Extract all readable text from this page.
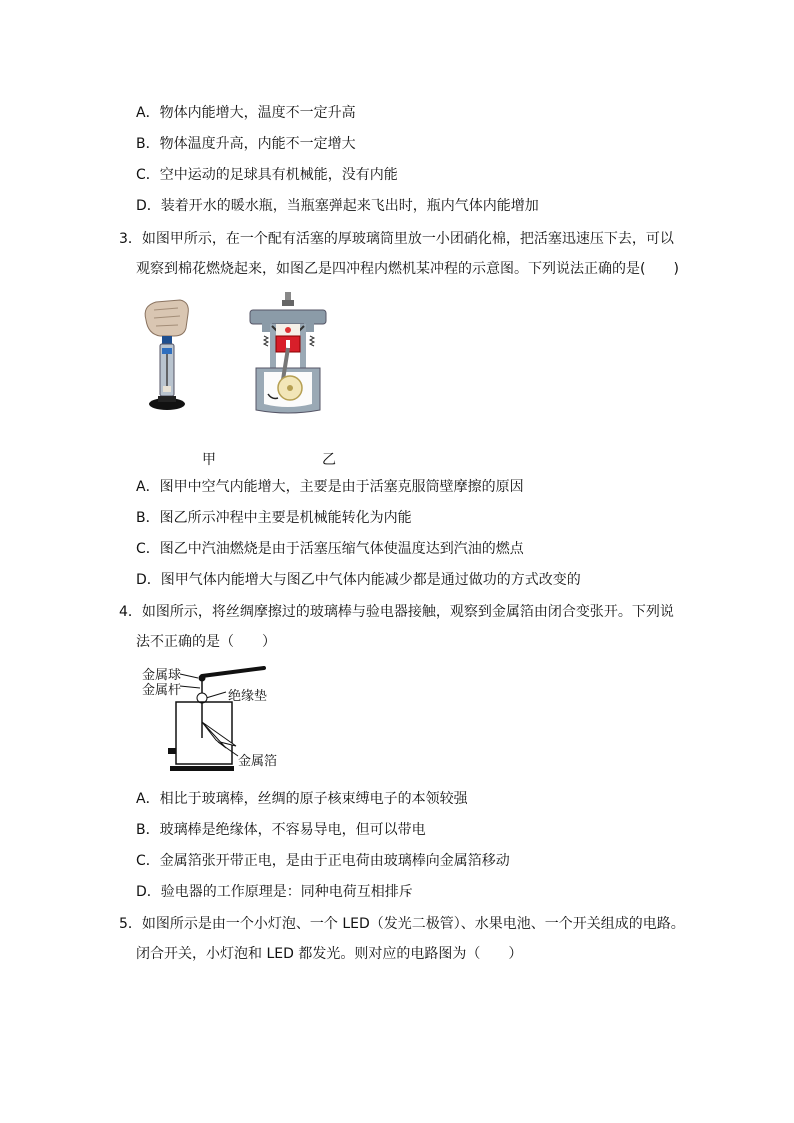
A．物体内能增大，温度不一定升高
B．物体温度升高，内能不一定增大
C．空中运动的足球具有机械能，没有内能
D．装着开水的暖水瓶，当瓶塞弹起来飞出时，瓶内气体内能增加
3．如图甲所示，在一个配有活塞的厚玻璃筒里放一小团硝化棉，把活塞迅速压下去，可以
观察到棉花燃烧起来，如图乙是四冲程内燃机某冲程的示意图。下列说法正确的是(　　)
甲	乙
A．图甲中空气内能增大，主要是由于活塞克服筒壁摩擦的原因
B．图乙所示冲程中主要是机械能转化为内能
C．图乙中汽油燃烧是由于活塞压缩气体使温度达到汽油的燃点
D．图甲气体内能增大与图乙中气体内能减少都是通过做功的方式改变的
4．如图所示，将丝绸摩擦过的玻璃棒与验电器接触，观察到金属箔由闭合变张开。下列说
法不正确的是（　　）
金属球
金属杆	绝缘垫
金属箔
A．相比于玻璃棒，丝绸的原子核束缚电子的本领较强
B．玻璃棒是绝缘体，不容易导电，但可以带电
C．金属箔张开带正电，是由于正电荷由玻璃棒向金属箔移动
D．验电器的工作原理是：同种电荷互相排斥
5．如图所示是由一个小灯泡、一个 LED（发光二极管）、水果电池、一个开关组成的电路。
闭合开关，小灯泡和 LED 都发光。则对应的电路图为（　　）
